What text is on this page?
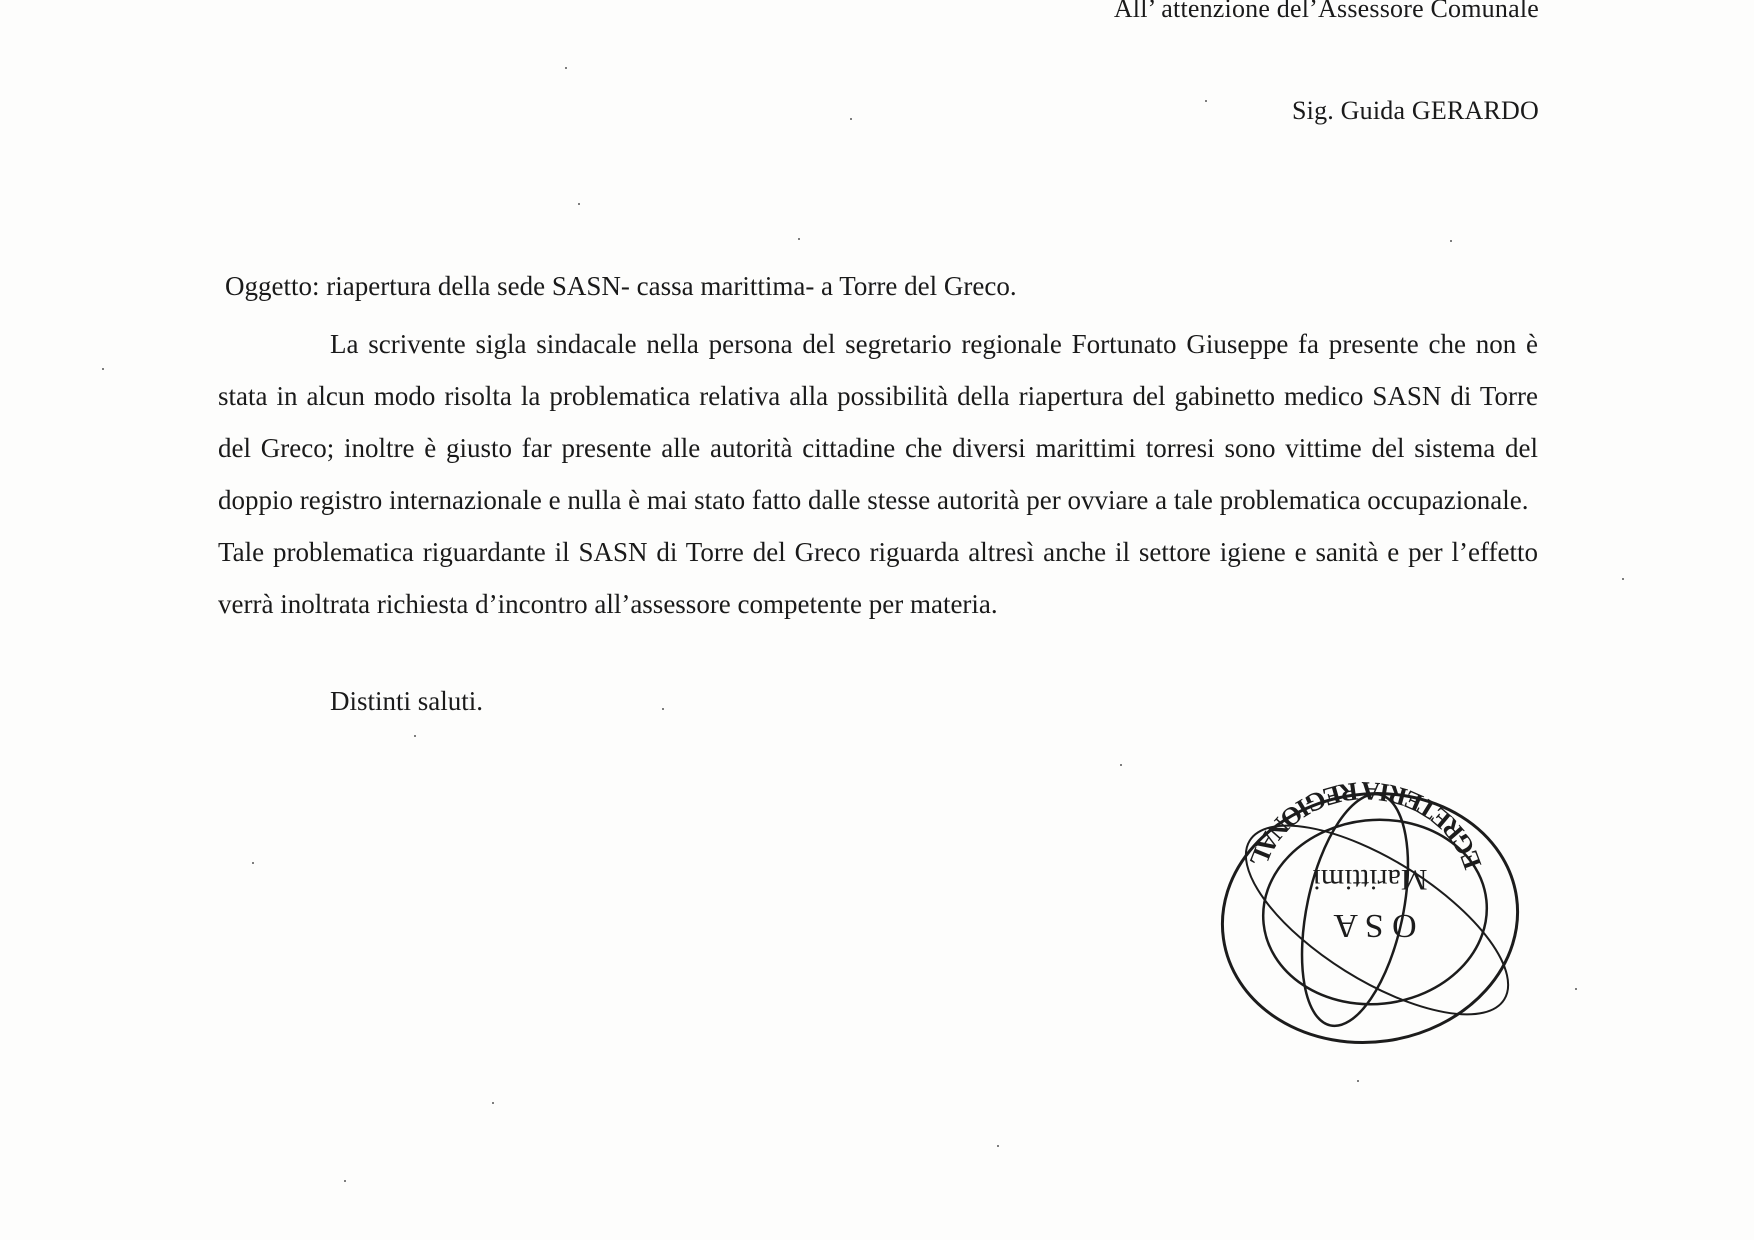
All’ attenzione del’Assessore Comunale
Sig. Guida GERARDO
Oggetto: riapertura della sede SASN- cassa marittima- a Torre del Greco.

La scrivente sigla sindacale nella persona del segretario regionale Fortunato Giuseppe fa presente che non è stata in alcun modo risolta la problematica relativa alla possibilità della riapertura del gabinetto medico SASN di Torre del Greco; inoltre è giusto far presente alle autorità cittadine che diversi marittimi torresi sono vittime del sistema del doppio registro internazionale e nulla è mai stato fatto dalle stesse autorità per ovviare a tale problematica occupazionale.

Tale problematica riguardante il SASN di Torre del Greco riguarda altresì anche il settore igiene e sanità e per l’effetto verrà inoltrata richiesta d’incontro all’assessore competente per materia.

Distinti saluti.
EGRETERIA REGIONAL
Marittimi
O S A
